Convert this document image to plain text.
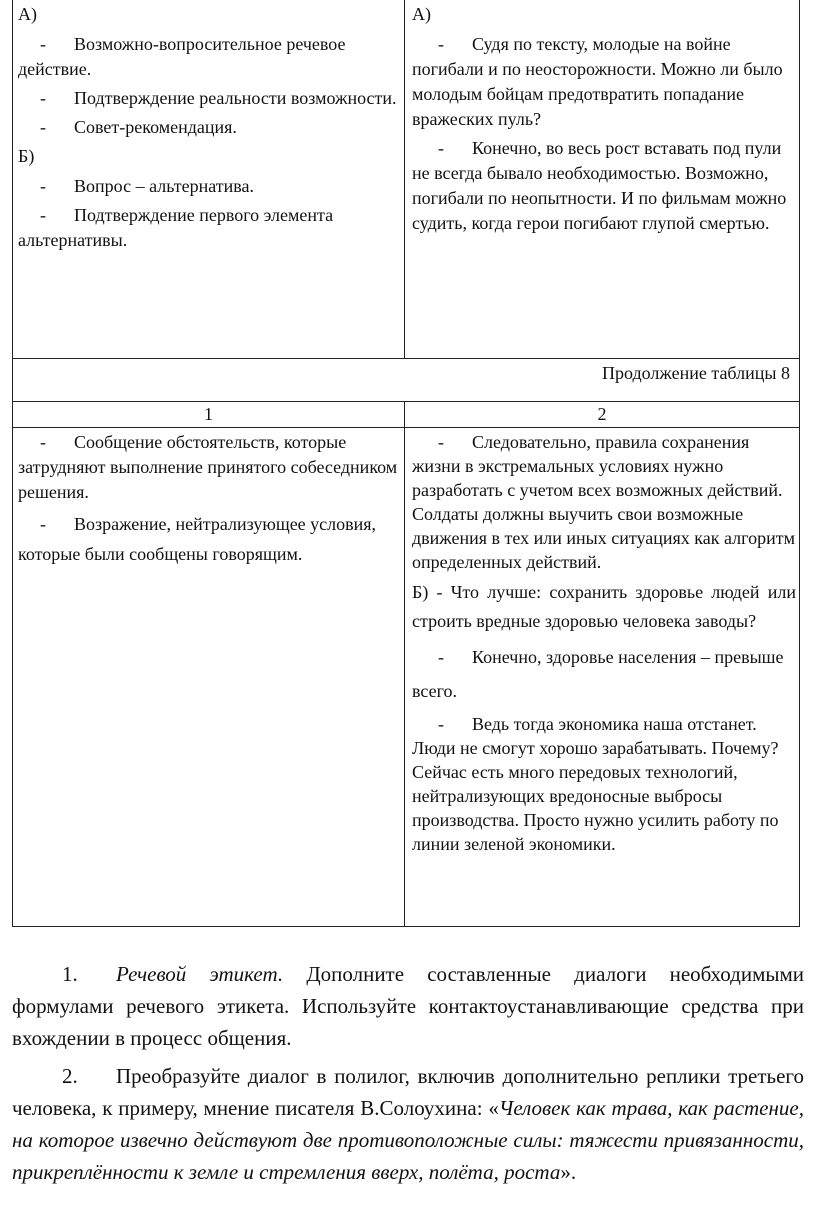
А)

- Возможно-вопросительное речевое действие.

- Подтверждение реальности возможности.

- Совет-рекомендация.

Б)

- Вопрос – альтернатива.

- Подтверждение первого элемента альтернативы.

А)

- Судя по тексту, молодые на войне погибали и по неосторожности. Можно ли было молодым бойцам предотвратить попадание вражеских пуль?

- Конечно, во весь рост вставать под пули не всегда бывало необходимостью. Возможно, погибали по неопытности. И по фильмам можно судить, когда герои погибают глупой смертью.

Продолжение таблицы 8
1	2

- Сообщение обстоятельств, которые затрудняют выполнение принятого собеседником решения.

- Возражение, нейтрализующее условия, которые были сообщены говорящим.

- Следовательно, правила сохранения жизни в экстремальных условиях нужно разработать с учетом всех возможных действий. Солдаты должны выучить свои возможные движения в тех или иных ситуациях как алгоритм определенных действий.

Б) - Что лучше: сохранить здоровье людей или строить вредные здоровью человека заводы?

- Конечно, здоровье населения – превыше всего.

- Ведь тогда экономика наша отстанет. Люди не смогут хорошо зарабатывать. Почему? Сейчас есть много передовых технологий, нейтрализующих вредоносные выбросы производства. Просто нужно усилить работу по линии зеленой экономики.

1. Речевой этикет. Дополните составленные диалоги необходимыми формулами речевого этикета. Используйте контактоустанавливающие средства при вхождении в процесс общения.

2. Преобразуйте диалог в полилог, включив дополнительно реплики третьего человека, к примеру, мнение писателя В.Солоухина: «Человек как трава, как растение, на которое извечно действуют две противоположные силы: тяжести привязанности, прикреплённости к земле и стремления вверх, полёта, роста».
